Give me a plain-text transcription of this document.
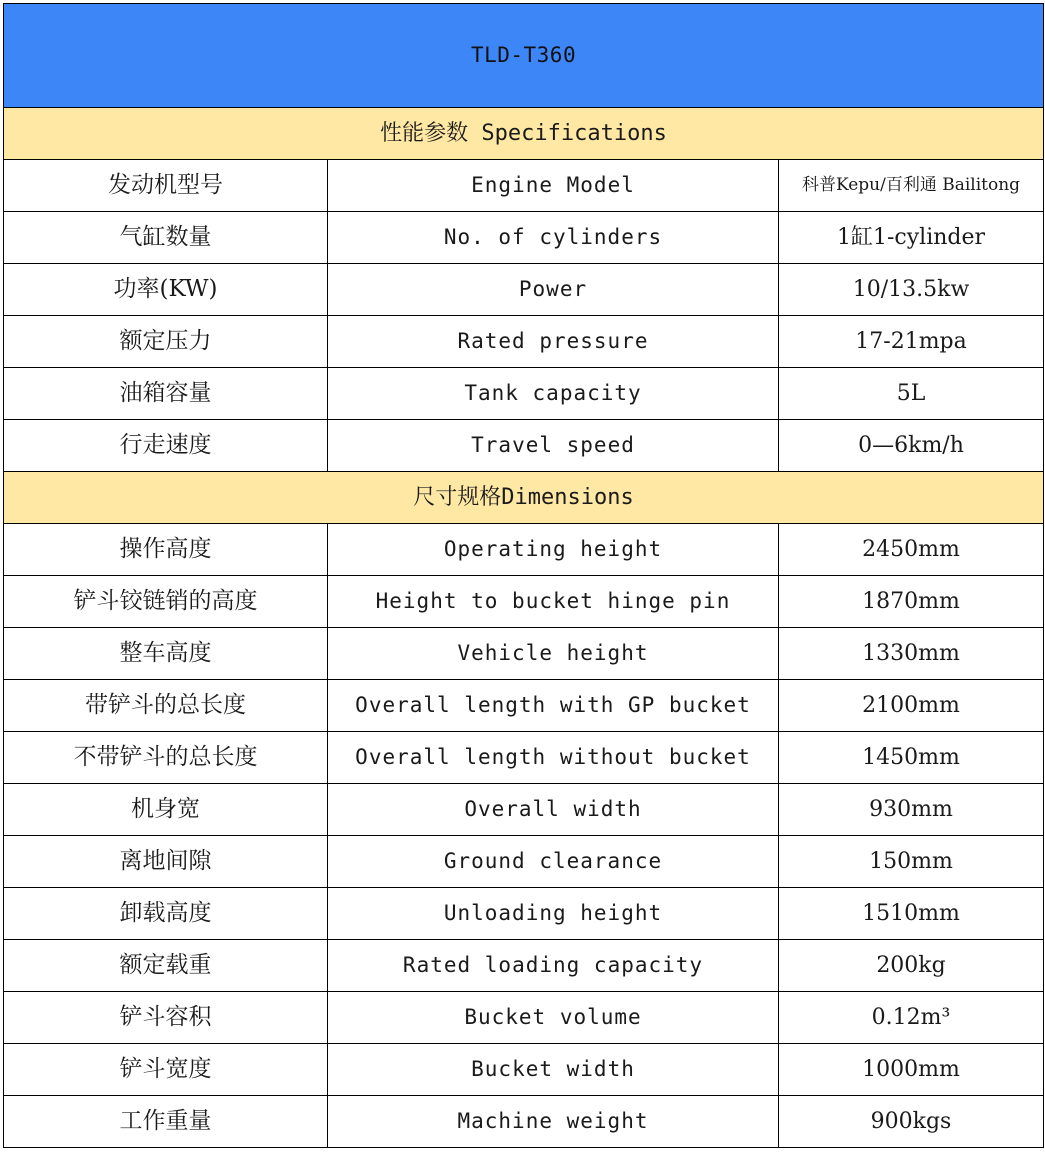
TLD-T360		
性能参数 Specifications		
发动机型号	Engine Model	科普Kepu/百利通 Bailitong
气缸数量	No. of cylinders	1缸1-cylinder
功率(KW)	Power	10/13.5kw
额定压力	Rated pressure	17-21mpa
油箱容量	Tank capacity	5L
行走速度	Travel speed	0—6km/h
尺寸规格Dimensions		
操作高度	Operating height	2450mm
铲斗铰链销的高度	Height to bucket hinge pin	1870mm
整车高度	Vehicle height	1330mm
带铲斗的总长度	Overall length with GP bucket	2100mm
不带铲斗的总长度	Overall length without bucket	1450mm
机身宽	Overall width	930mm
离地间隙	Ground clearance	150mm
卸载高度	Unloading height	1510mm
额定载重	Rated loading capacity	200kg
铲斗容积	Bucket volume	0.12m³
铲斗宽度	Bucket width	1000mm
工作重量	Machine weight	900kgs
